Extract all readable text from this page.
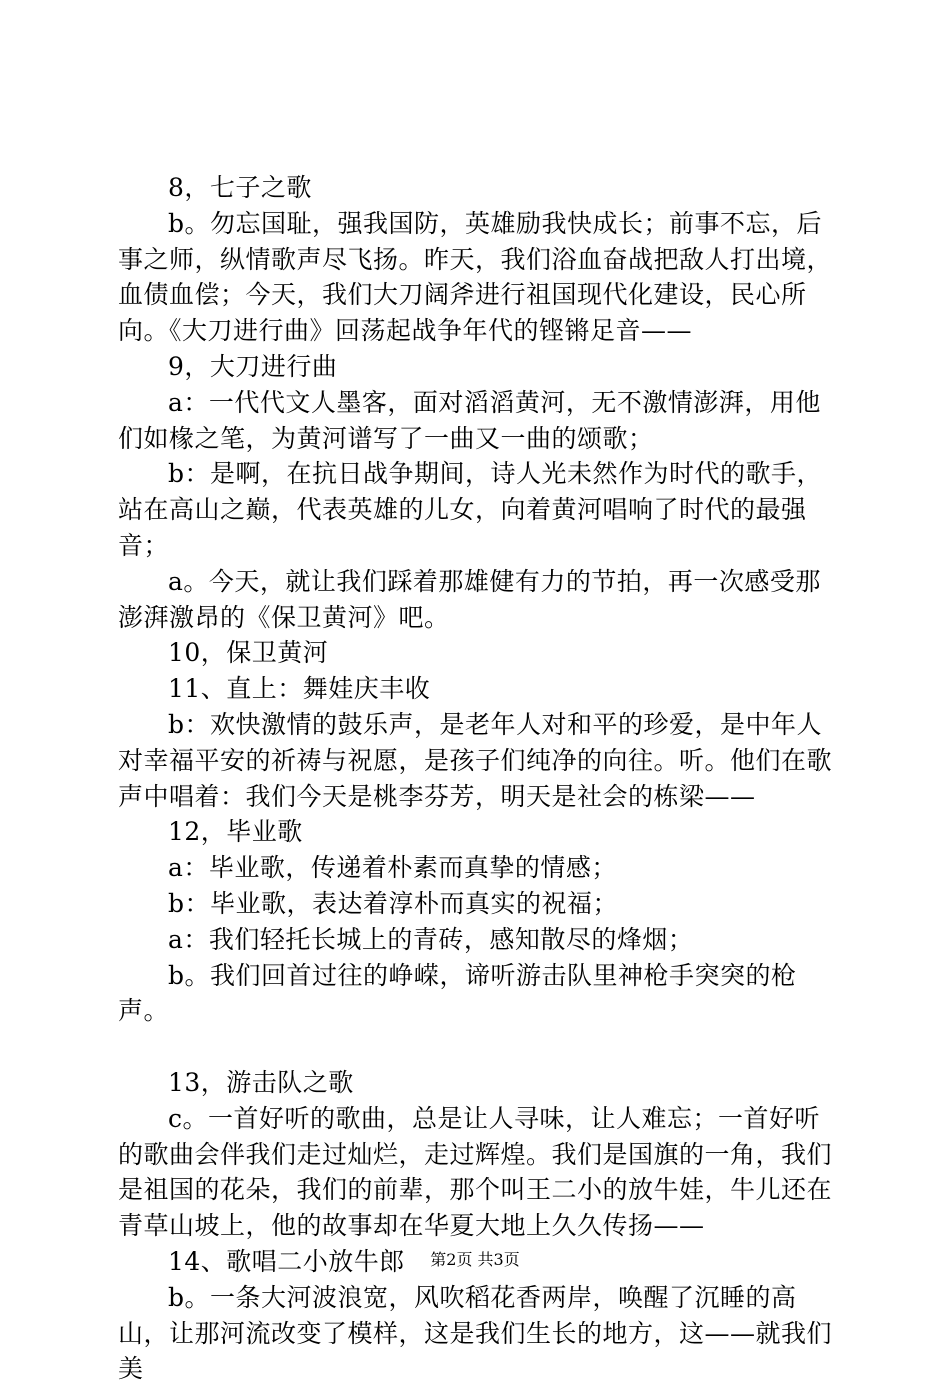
8，七子之歌

b。勿忘国耻，强我国防，英雄励我快成长；前事不忘，后事之师，纵情歌声尽飞扬。昨天，我们浴血奋战把敌人打出境，血债血偿；今天，我们大刀阔斧进行祖国现代化建设，民心所向。《大刀进行曲》回荡起战争年代的铿锵足音——

9，大刀进行曲

a：一代代文人墨客，面对滔滔黄河，无不激情澎湃，用他们如椽之笔，为黄河谱写了一曲又一曲的颂歌；

b：是啊，在抗日战争期间，诗人光未然作为时代的歌手，站在高山之巅，代表英雄的儿女，向着黄河唱响了时代的最强音；

a。今天，就让我们踩着那雄健有力的节拍，再一次感受那澎湃激昂的《保卫黄河》吧。

10，保卫黄河

11、直上：舞娃庆丰收

b：欢快激情的鼓乐声，是老年人对和平的珍爱，是中年人对幸福平安的祈祷与祝愿，是孩子们纯净的向往。听。他们在歌声中唱着：我们今天是桃李芬芳，明天是社会的栋梁——

12，毕业歌

a：毕业歌，传递着朴素而真挚的情感；

b：毕业歌，表达着淳朴而真实的祝福；

a：我们轻托长城上的青砖，感知散尽的烽烟；

b。我们回首过往的峥嵘，谛听游击队里神枪手突突的枪声。

13，游击队之歌

c。一首好听的歌曲，总是让人寻味，让人难忘；一首好听的歌曲会伴我们走过灿烂，走过辉煌。我们是国旗的一角，我们是祖国的花朵，我们的前辈，那个叫王二小的放牛娃，牛儿还在青草山坡上，他的故事却在华夏大地上久久传扬——

14、歌唱二小放牛郎

b。一条大河波浪宽，风吹稻花香两岸，唤醒了沉睡的高山，让那河流改变了模样，这是我们生长的地方，这——就我们美

第2页 共3页
